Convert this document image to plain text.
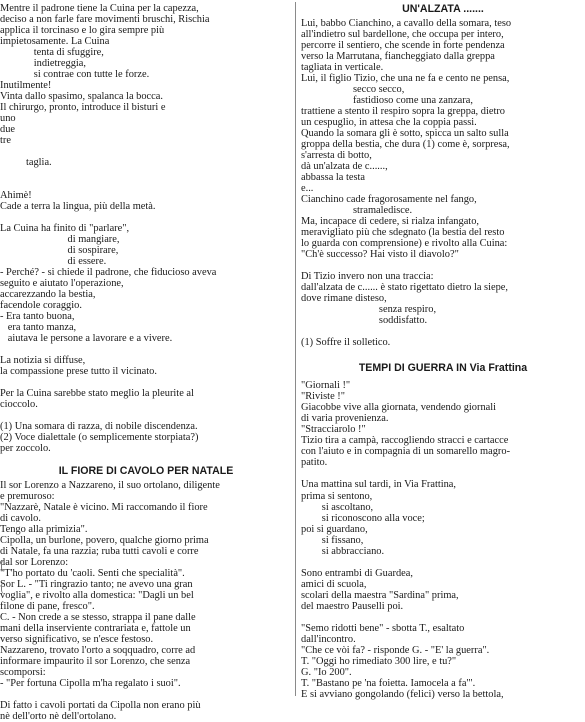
Mentre il padrone tiene la Cuina per la capezza,
deciso a non farle fare movimenti bruschi, Rischia
applica il torcinaso e lo gira sempre più
impietosamente. La Cuina
tenta di sfuggire,
indietreggia,
si contrae con tutte le forze.
Inutilmente!
Vinta dallo spasimo, spalanca la bocca.
Il chirurgo, pronto, introduce il bisturi e
uno
due
tre
taglia.
Ahimè!
Cade a terra la lingua, più della metà.
La Cuina ha finito di "parlare",
di mangiare,
di sospirare,
di essere.
- Perché? - si chiede il padrone, che fiducioso aveva
seguito e aiutato l'operazione,
accarezzando la bestia,
facendole coraggio.
- Era tanto buona,
era tanto manza,
aiutava le persone a lavorare e a vivere.
La notizia si diffuse,
la compassione prese tutto il vicinato.
Per la Cuina sarebbe stato meglio la pleurite al
cioccolo.
(1) Una somara di razza, di nobile discendenza.
(2) Voce dialettale (o semplicemente storpiata?)
per zoccolo.
IL FIORE DI CAVOLO PER NATALE
Il sor Lorenzo a Nazzareno, il suo ortolano, diligente
e premuroso:
"Nazzarè, Natale è vicino. Mi raccomando il fiore
di cavolo.
Tengo alla primizia".
Cipolla, un burlone, povero, qualche giorno prima
di Natale, fa una razzia; ruba tutti cavoli e corre
dal sor Lorenzo:
"T'ho portato du 'caoli. Senti che specialità".
Sor L. - "Ti ringrazio tanto; ne avevo una gran
voglia", e rivolto alla domestica: "Dagli un bel
filone di pane, fresco".
C. - Non crede a se stesso, strappa il pane dalle
mani della inserviente contrariata e, fattole un
verso significativo, se n'esce festoso.
Nazzareno, trovato l'orto a soqquadro, corre ad
informare impaurito il sor Lorenzo, che senza
scomporsi:
- "Per fortuna Cipolla m'ha regalato i suoi".
Di fatto i cavoli portati da Cipolla non erano più
nè dell'orto nè dell'ortolano.
UN'ALZATA .......
Lui, babbo Cianchino, a cavallo della somara, teso
all'indietro sul bardellone, che occupa per intero,
percorre il sentiero, che scende in forte pendenza
verso la Marrutana, fiancheggiato dalla greppa
tagliata in verticale.
Lui, il figlio Tizio, che una ne fa e cento ne pensa,
secco secco,
fastidioso come una zanzara,
trattiene a stento il respiro sopra la greppa, dietro
un cespuglio, in attesa che la coppia passi.
Quando la somara gli è sotto, spicca un salto sulla
groppa della bestia, che dura (1) come è, sorpresa,
s'arresta di botto,
dà un'alzata de c......,
abbassa la testa
e...
Cianchino cade fragorosamente nel fango,
stramaledisce.
Ma, incapace di cedere, si rialza infangato,
meravigliato più che sdegnato (la bestia del resto
lo guarda con comprensione) e rivolto alla Cuina:
"Ch'è successo? Hai visto il diavolo?"
Di Tizio invero non una traccia:
dall'alzata de c...... è stato rigettato dietro la siepe,
dove rimane disteso,
senza respiro,
soddisfatto.
(1) Soffre il solletico.
TEMPI DI GUERRA IN Via Frattina
"Giornali !"
"Riviste !"
Giacobbe vive alla giornata, vendendo giornali
di varia provenienza.
"Stracciarolo !"
Tizio tira a campà, raccogliendo stracci e cartacce
con l'aiuto e in compagnia di un somarello magro-
patito.
Una mattina sul tardi, in Via Frattina,
prima si sentono,
si ascoltano,
si riconoscono alla voce;
poi si guardano,
si fissano,
si abbracciano.
Sono entrambi di Guardea,
amici di scuola,
scolari della maestra "Sardina" prima,
del maestro Pauselli poi.
"Semo ridotti bene" - sbotta T., esaltato
dall'incontro.
"Che ce vòi fa? - risponde G. - "E' la guerra".
T. "Oggi ho rimediato 300 lire, e tu?"
G. "Io 200".
T. "Bastano pe 'na foietta. Iamocela a fa'".
E si avviano gongolando (felici) verso la bettola,
